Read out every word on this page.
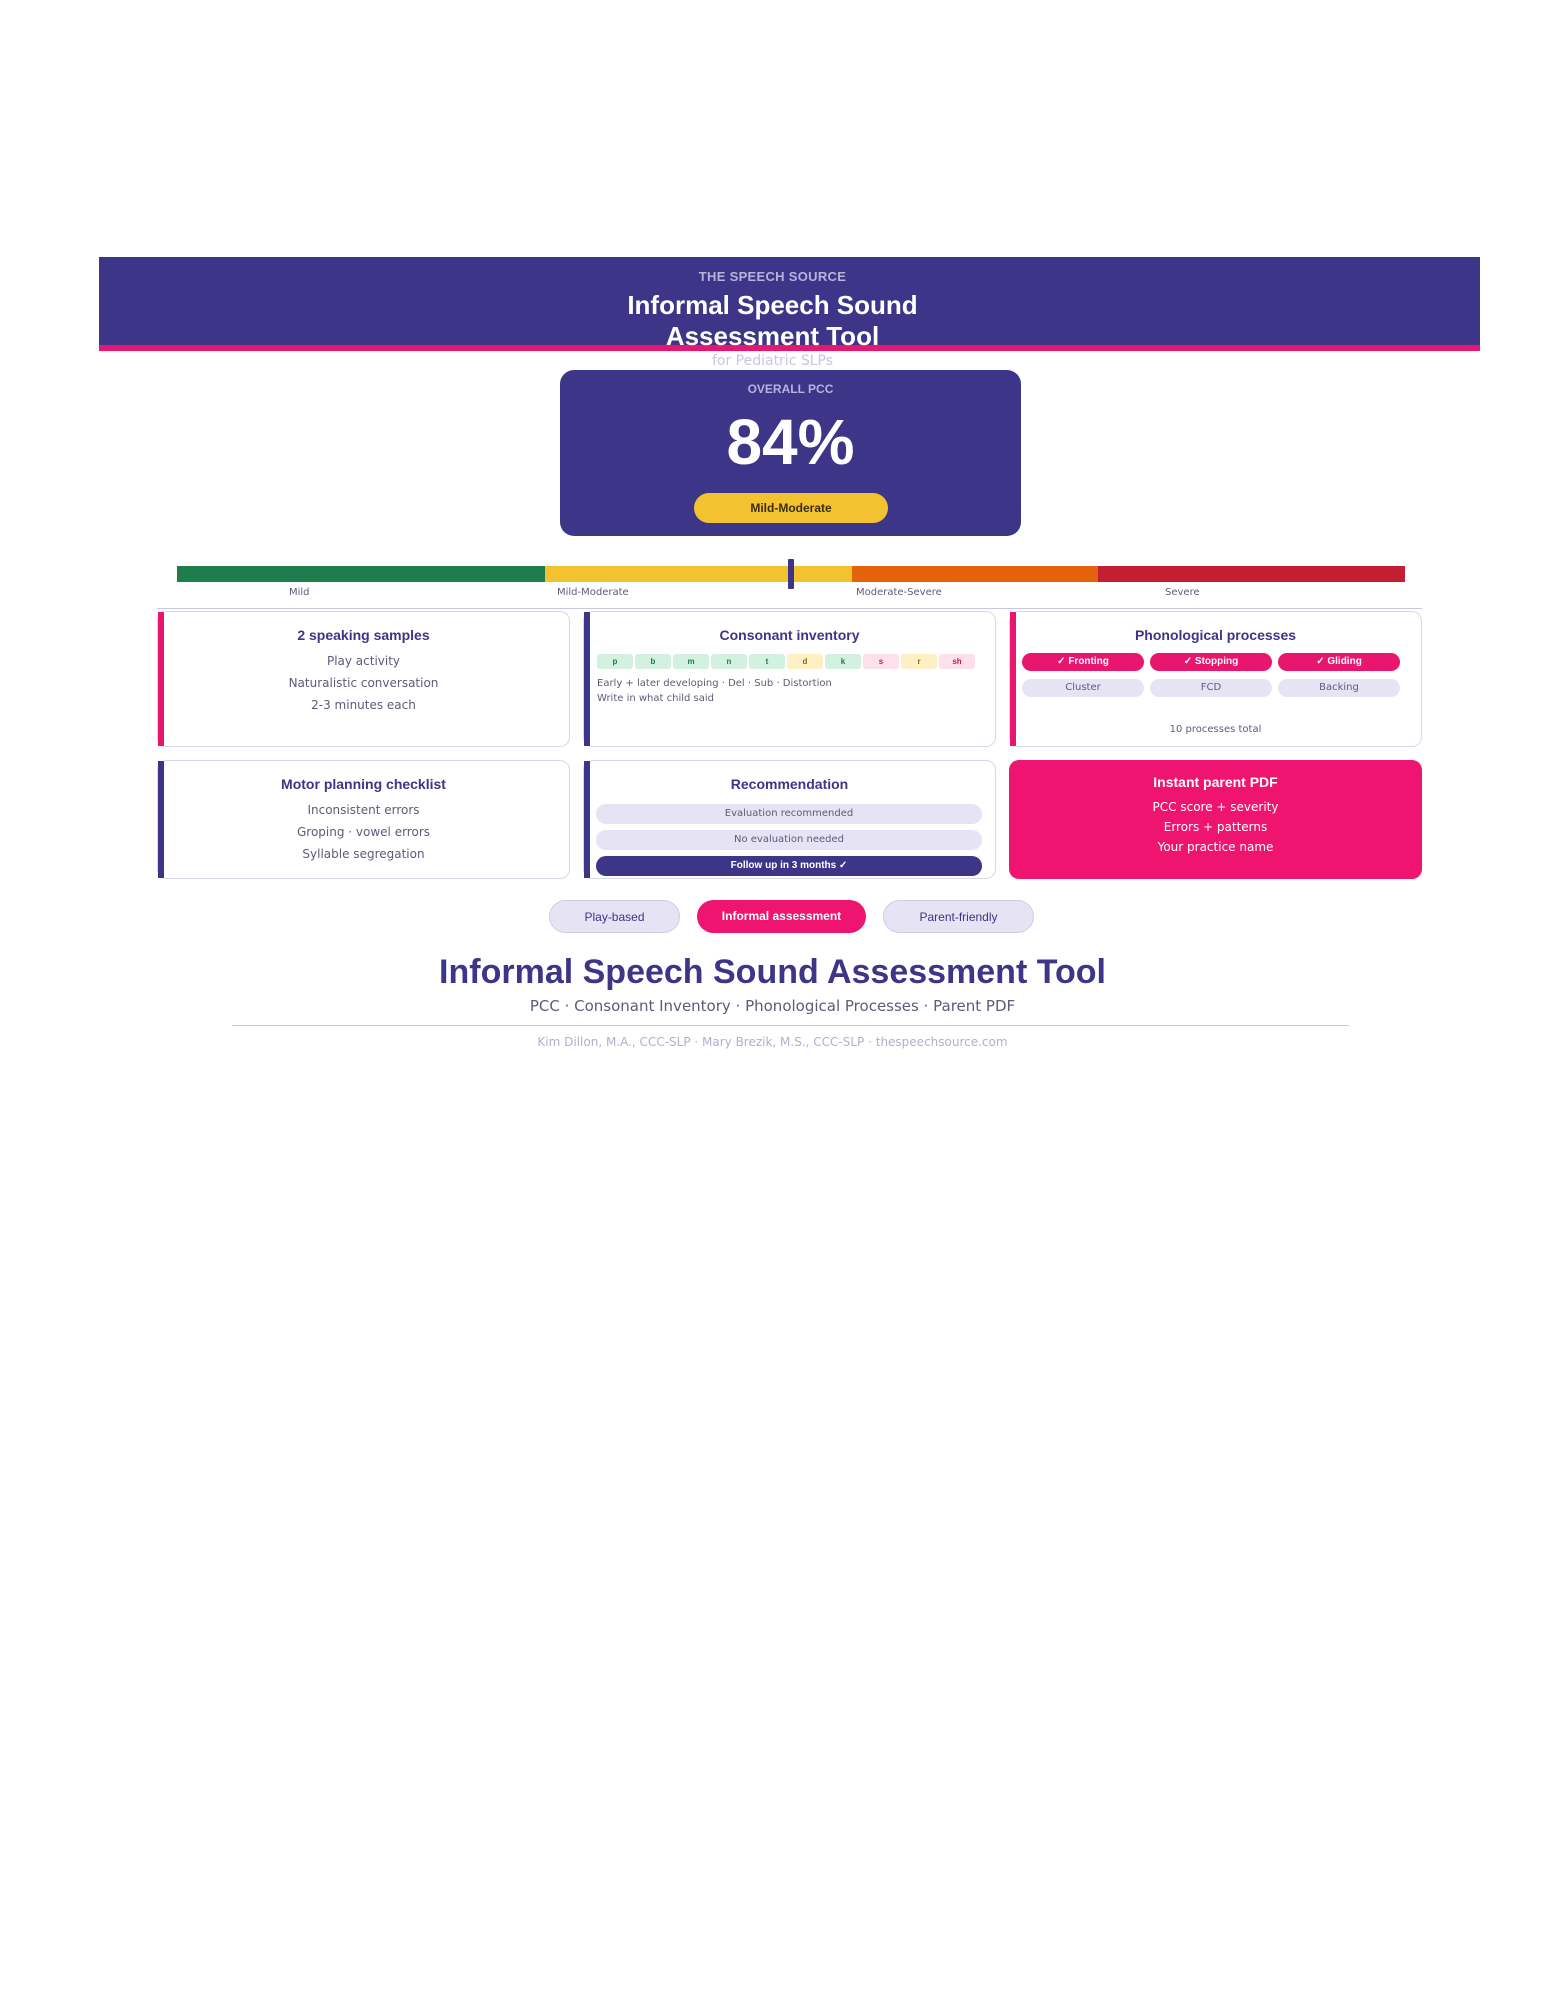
THE SPEECH SOURCE
Informal Speech Sound
Assessment Tool
for Pediatric SLPs
OVERALL PCC
84%
Mild-Moderate
Mild	Mild-Moderate	Moderate-Severe	Severe
2 speaking samples
Play activity
Naturalistic conversation
2-3 minutes each
Consonant inventory
p	b	m	n	t	d	k	s	r	sh
Early + later developing · Del · Sub · Distortion
Write in what child said
Phonological processes
✓ Fronting	✓ Stopping	✓ Gliding
Cluster	FCD	Backing
10 processes total
Motor planning checklist
Inconsistent errors
Groping · vowel errors
Syllable segregation
Recommendation
Evaluation recommended
No evaluation needed
Follow up in 3 months ✓
Instant parent PDF
PCC score + severity
Errors + patterns
Your practice name
Play-based	Informal assessment	Parent-friendly
Informal Speech Sound Assessment Tool
PCC · Consonant Inventory · Phonological Processes · Parent PDF
Kim Dillon, M.A., CCC-SLP · Mary Brezik, M.S., CCC-SLP · thespeechsource.com
